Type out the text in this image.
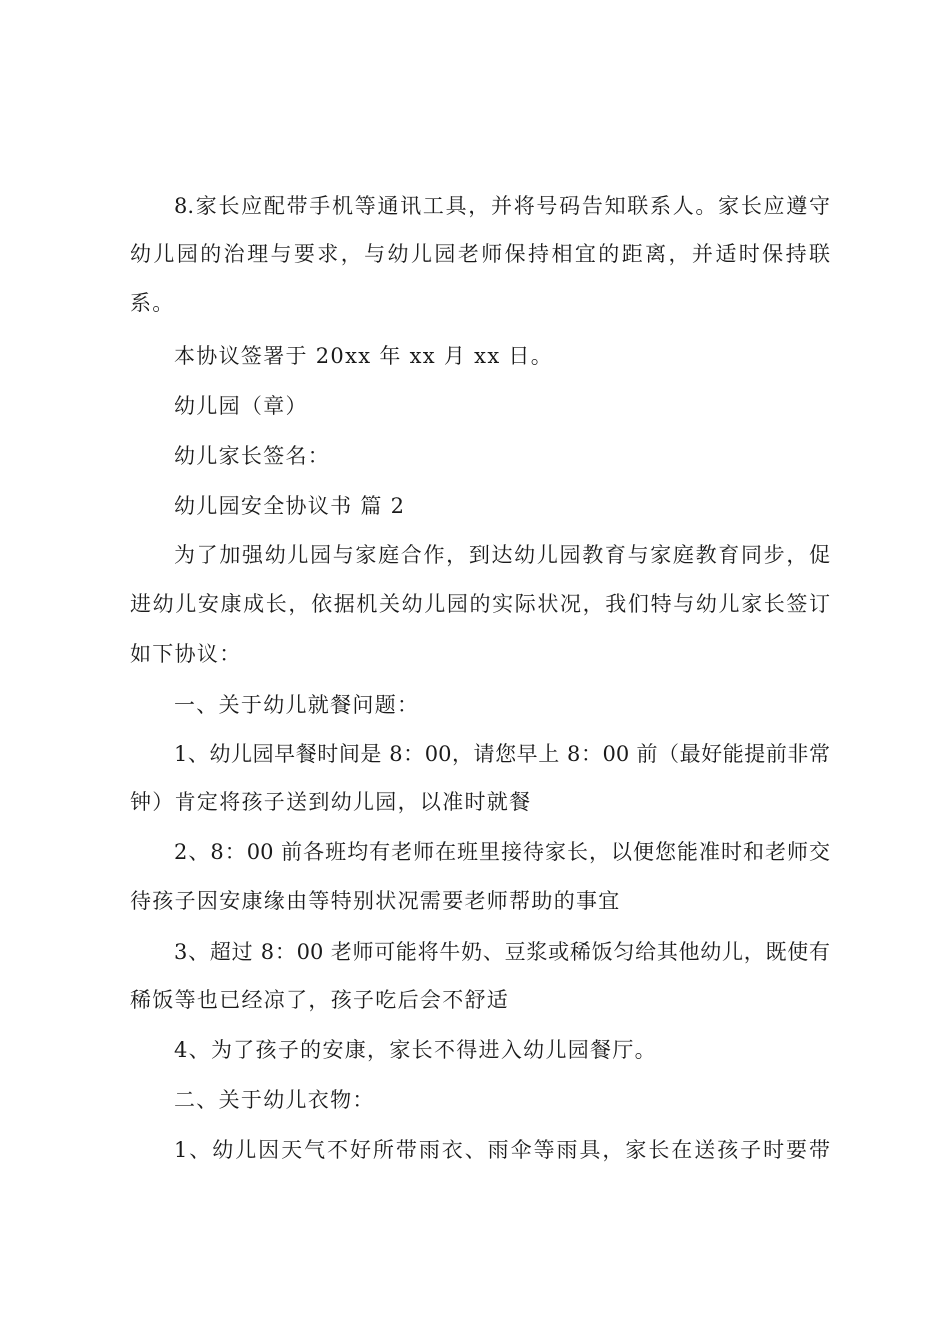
8.家长应配带手机等通讯工具，并将号码告知联系人。家长应遵守
幼儿园的治理与要求，与幼儿园老师保持相宜的距离，并适时保持联
系。
本协议签署于 20xx 年 xx 月 xx 日。
幼儿园（章）
幼儿家长签名：
幼儿园安全协议书 篇 2
为了加强幼儿园与家庭合作，到达幼儿园教育与家庭教育同步，促
进幼儿安康成长，依据机关幼儿园的实际状况，我们特与幼儿家长签订
如下协议：
一、关于幼儿就餐问题：
1、幼儿园早餐时间是 8：00，请您早上 8：00 前（最好能提前非常
钟）肯定将孩子送到幼儿园，以准时就餐
2、8：00 前各班均有老师在班里接待家长，以便您能准时和老师交
待孩子因安康缘由等特别状况需要老师帮助的事宜
3、超过 8：00 老师可能将牛奶、豆浆或稀饭匀给其他幼儿，既使有
稀饭等也已经凉了，孩子吃后会不舒适
4、为了孩子的安康，家长不得进入幼儿园餐厅。
二、关于幼儿衣物：
1、幼儿因天气不好所带雨衣、雨伞等雨具，家长在送孩子时要带
